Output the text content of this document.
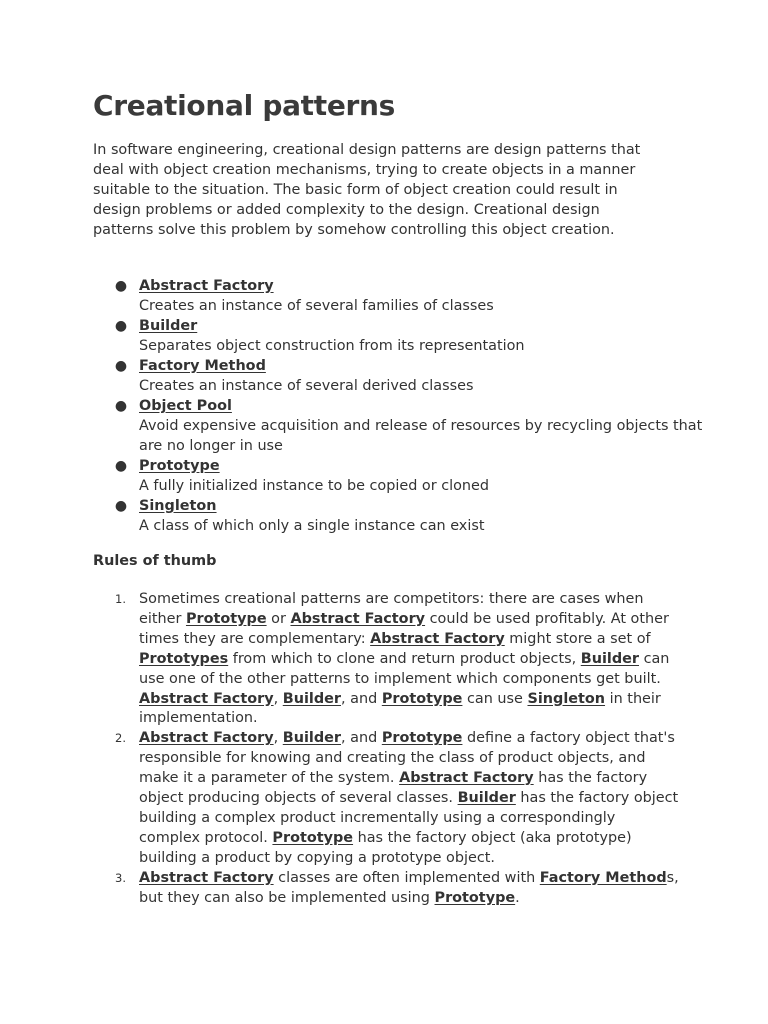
Creational patterns

In software engineering, creational design patterns are design patterns that deal with object creation mechanisms, trying to create objects in a manner suitable to the situation. The basic form of object creation could result in design problems or added complexity to the design. Creational design patterns solve this problem by somehow controlling this object creation.

● Abstract Factory
Creates an instance of several families of classes
● Builder
Separates object construction from its representation
● Factory Method
Creates an instance of several derived classes
● Object Pool
Avoid expensive acquisition and release of resources by recycling objects that are no longer in use
● Prototype
A fully initialized instance to be copied or cloned
● Singleton
A class of which only a single instance can exist
Rules of thumb
1. Sometimes creational patterns are competitors: there are cases when either Prototype or Abstract Factory could be used profitably. At other times they are complementary: Abstract Factory might store a set of Prototypes from which to clone and return product objects, Builder can use one of the other patterns to implement which components get built. Abstract Factory, Builder, and Prototype can use Singleton in their implementation.
2. Abstract Factory, Builder, and Prototype define a factory object that's responsible for knowing and creating the class of product objects, and make it a parameter of the system. Abstract Factory has the factory object producing objects of several classes. Builder has the factory object building a complex product incrementally using a correspondingly complex protocol. Prototype has the factory object (aka prototype) building a product by copying a prototype object.
3. Abstract Factory classes are often implemented with Factory Methods, but they can also be implemented using Prototype.
